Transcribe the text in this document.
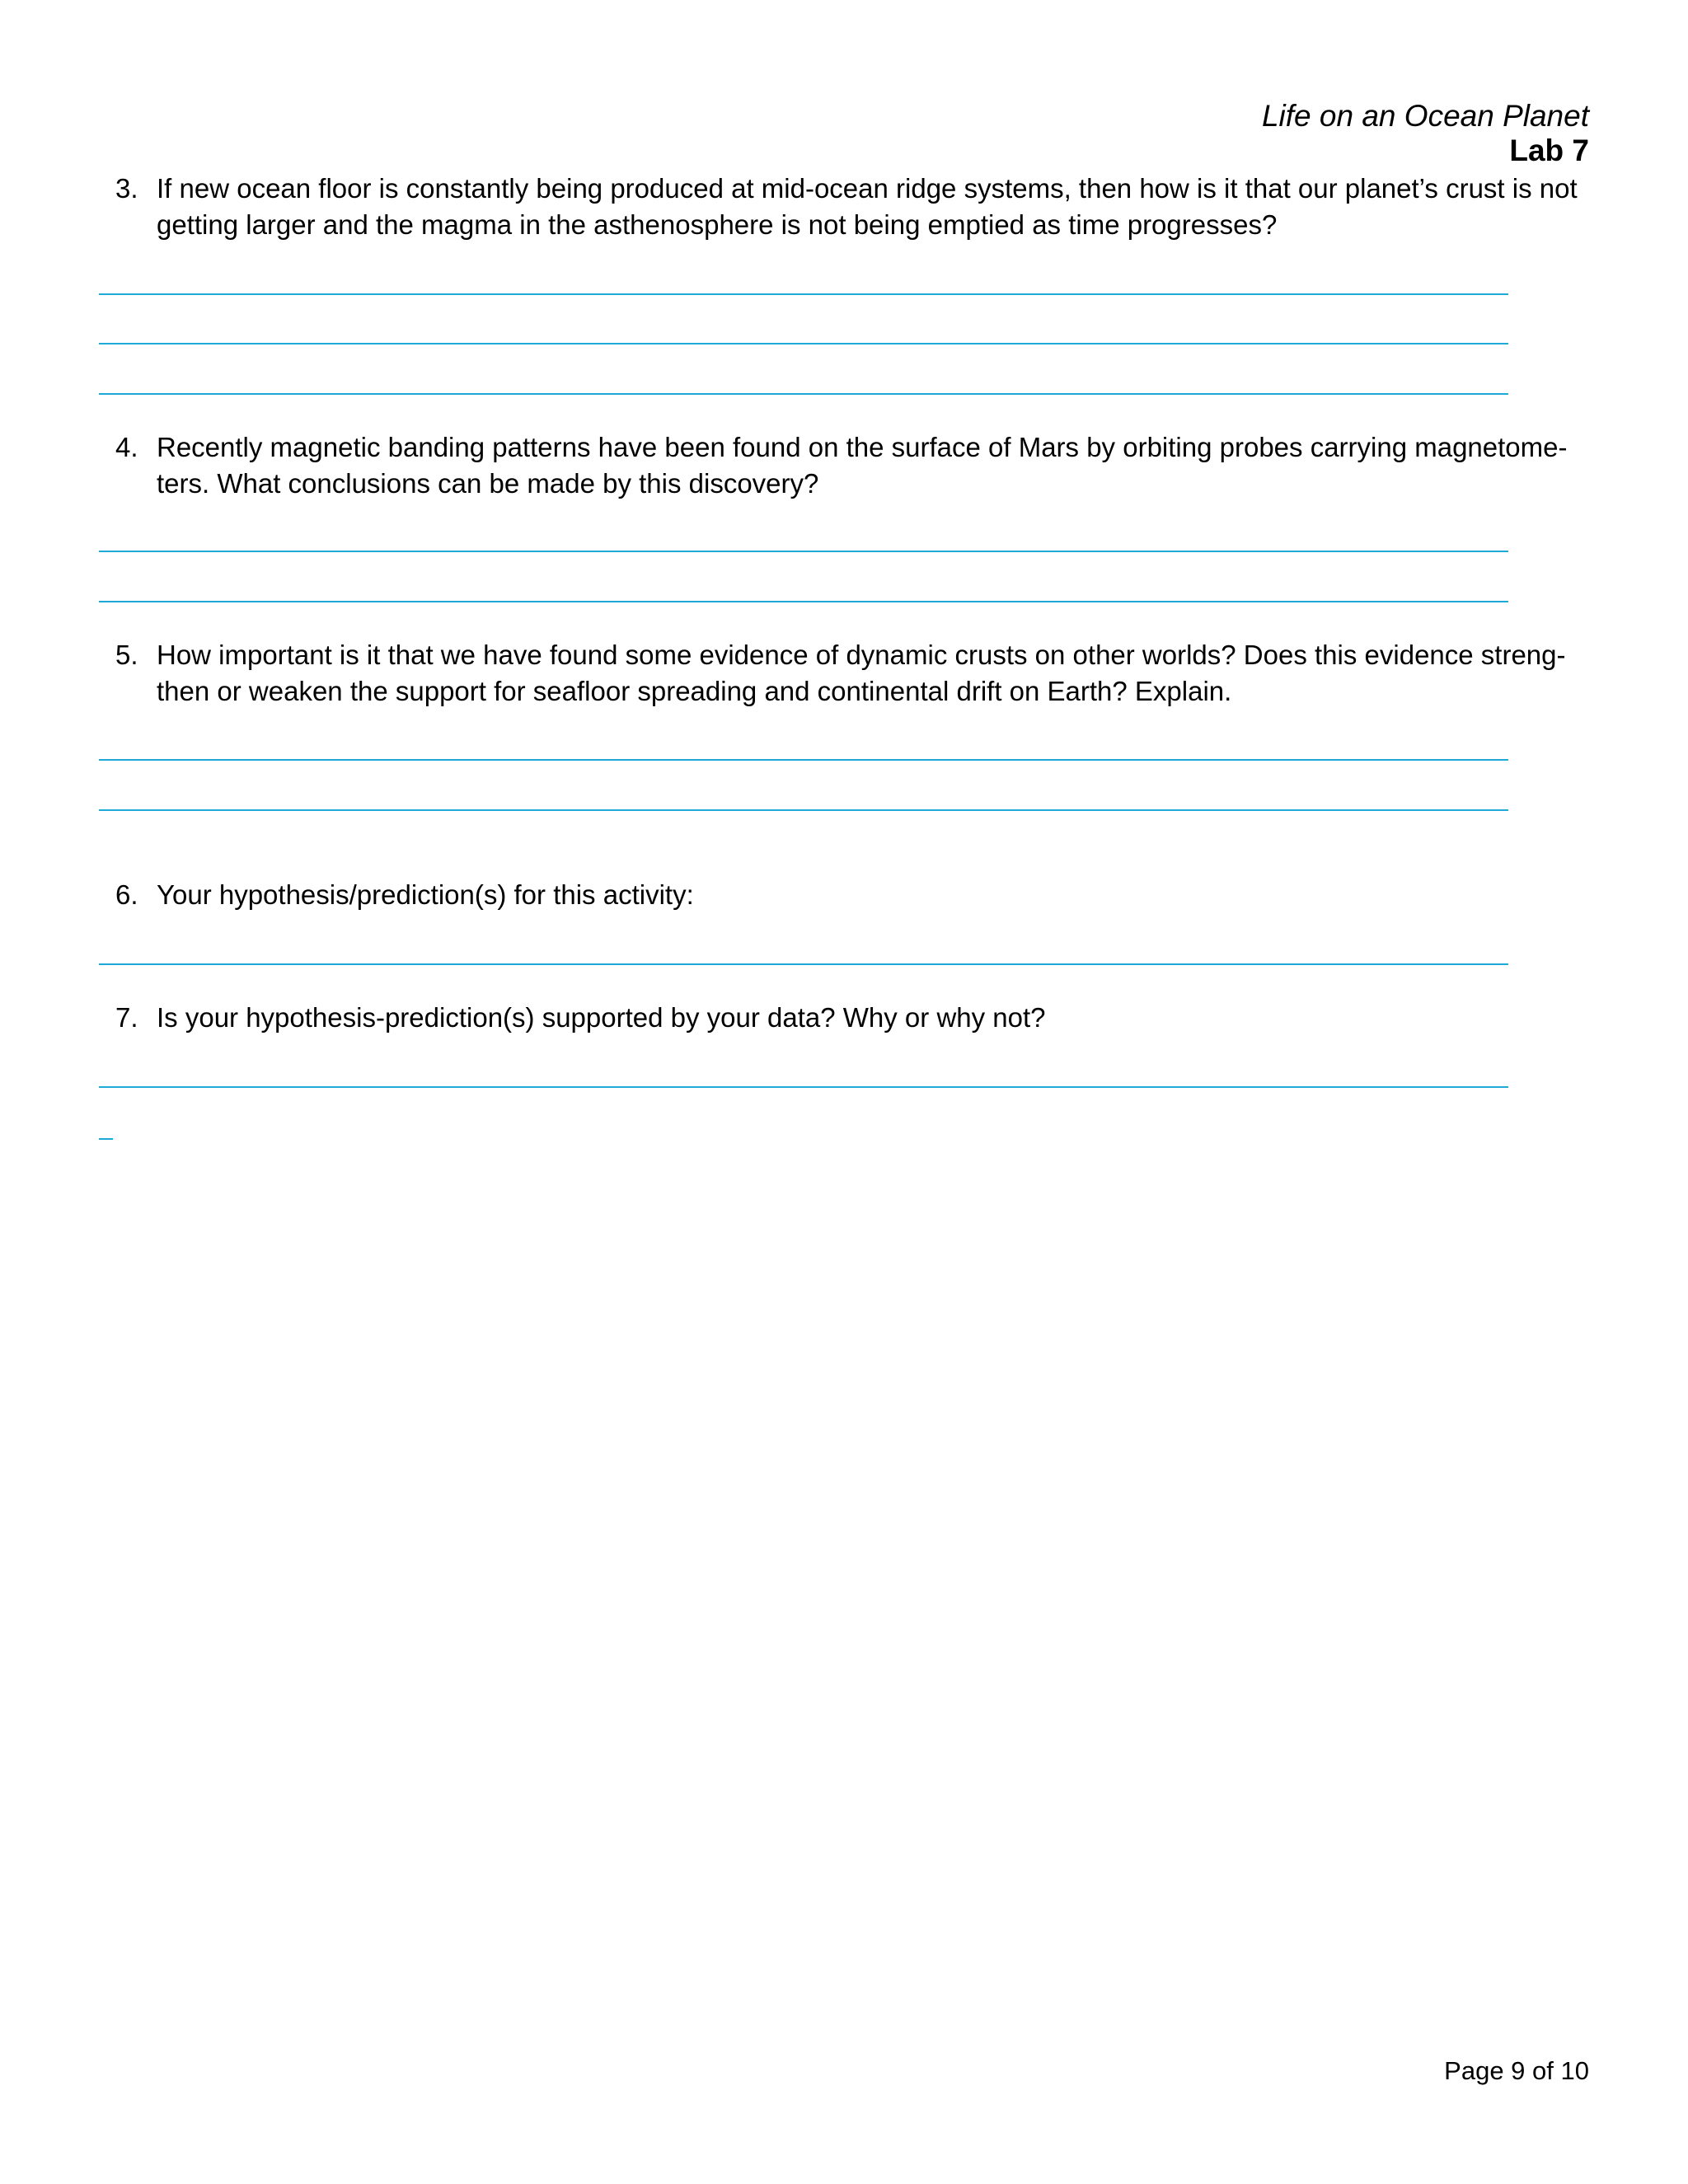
Life on an Ocean Planet
Lab 7
3. If new ocean floor is constantly being produced at mid-ocean ridge systems, then how is it that our planet’s crust is not getting larger and the magma in the asthenosphere is not being emptied as time progresses?
4. Recently magnetic banding patterns have been found on the surface of Mars by orbiting probes carrying magnetome-ters. What conclusions can be made by this discovery?
5. How important is it that we have found some evidence of dynamic crusts on other worlds? Does this evidence streng-then or weaken the support for seafloor spreading and continental drift on Earth? Explain.
6. Your hypothesis/prediction(s) for this activity:
7. Is your hypothesis-prediction(s) supported by your data? Why or why not?
Page 9 of 10
